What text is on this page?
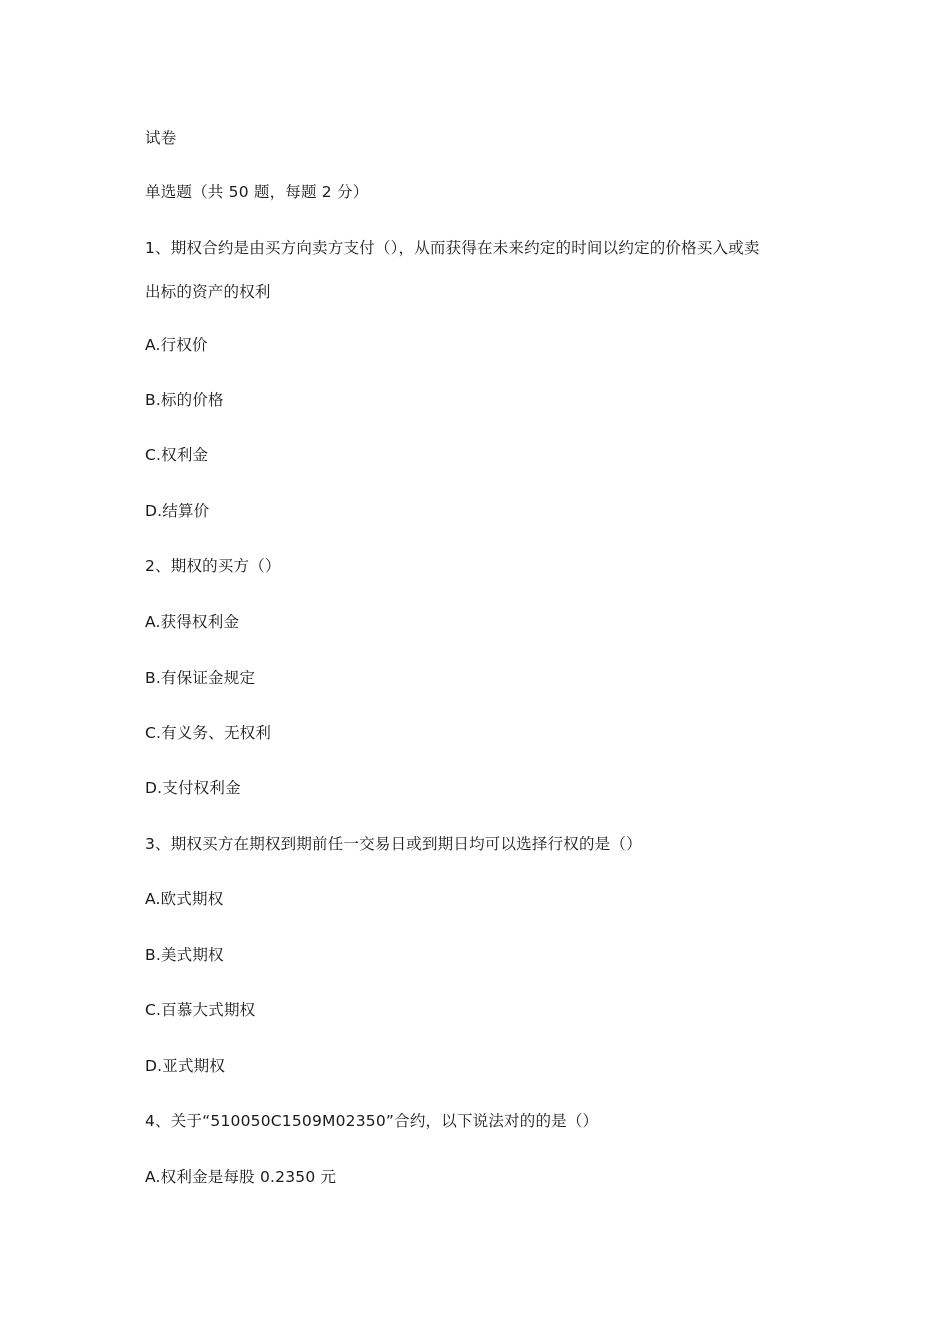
试卷
单选题（共 50 题，每题 2 分）
1、期权合约是由买方向卖方支付（），从而获得在未来约定的时间以约定的价格买入或卖
出标的资产的权利
A.行权价
B.标的价格
C.权利金
D.结算价
2、期权的买方（）
A.获得权利金
B.有保证金规定
C.有义务、无权利
D.支付权利金
3、期权买方在期权到期前任一交易日或到期日均可以选择行权的是（）
A.欧式期权
B.美式期权
C.百慕大式期权
D.亚式期权
4、关于“510050C1509M02350”合约，以下说法对的的是（）
A.权利金是每股 0.2350 元
